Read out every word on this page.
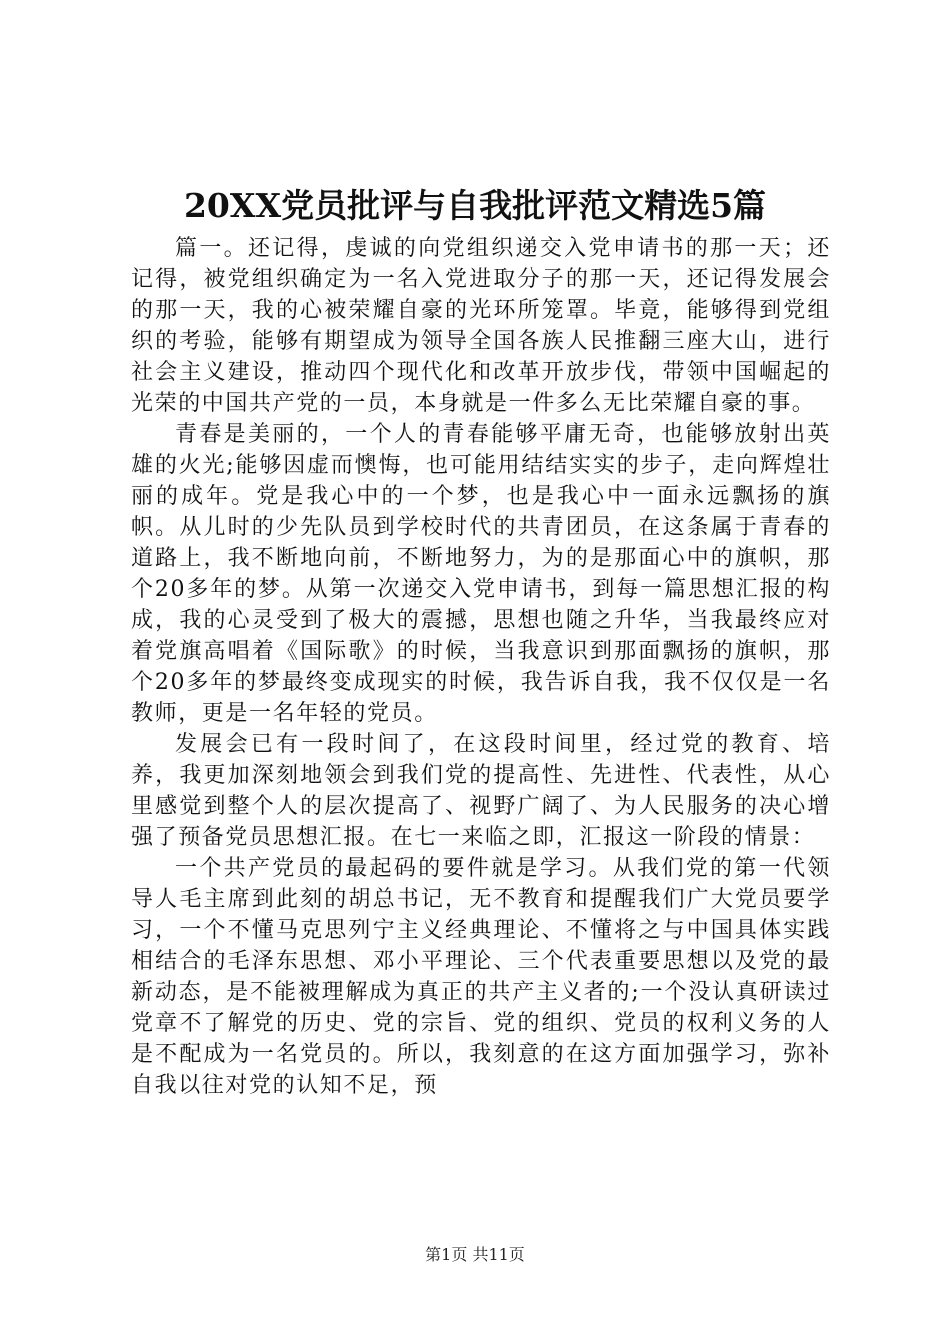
20XX党员批评与自我批评范文精选5篇

篇一。还记得，虔诚的向党组织递交入党申请书的那一天；还记得，被党组织确定为一名入党进取分子的那一天，还记得发展会的那一天，我的心被荣耀自豪的光环所笼罩。毕竟，能够得到党组织的考验，能够有期望成为领导全国各族人民推翻三座大山，进行社会主义建设，推动四个现代化和改革开放步伐，带领中国崛起的光荣的中国共产党的一员，本身就是一件多么无比荣耀自豪的事。

青春是美丽的，一个人的青春能够平庸无奇，也能够放射出英雄的火光;能够因虚而懊悔，也可能用结结实实的步子，走向辉煌壮丽的成年。党是我心中的一个梦，也是我心中一面永远飘扬的旗帜。从儿时的少先队员到学校时代的共青团员，在这条属于青春的道路上，我不断地向前，不断地努力，为的是那面心中的旗帜，那个20多年的梦。从第一次递交入党申请书，到每一篇思想汇报的构成，我的心灵受到了极大的震撼，思想也随之升华，当我最终应对着党旗高唱着《国际歌》的时候，当我意识到那面飘扬的旗帜，那个20多年的梦最终变成现实的时候，我告诉自我，我不仅仅是一名教师，更是一名年轻的党员。

发展会已有一段时间了，在这段时间里，经过党的教育、培养，我更加深刻地领会到我们党的提高性、先进性、代表性，从心里感觉到整个人的层次提高了、视野广阔了、为人民服务的决心增强了预备党员思想汇报。在七一来临之即，汇报这一阶段的情景：

一个共产党员的最起码的要件就是学习。从我们党的第一代领导人毛主席到此刻的胡总书记，无不教育和提醒我们广大党员要学习，一个不懂马克思列宁主义经典理论、不懂将之与中国具体实践相结合的毛泽东思想、邓小平理论、三个代表重要思想以及党的最新动态，是不能被理解成为真正的共产主义者的;一个没认真研读过党章不了解党的历史、党的宗旨、党的组织、党员的权利义务的人是不配成为一名党员的。所以，我刻意的在这方面加强学习，弥补自我以往对党的认知不足，预

第1页 共11页
